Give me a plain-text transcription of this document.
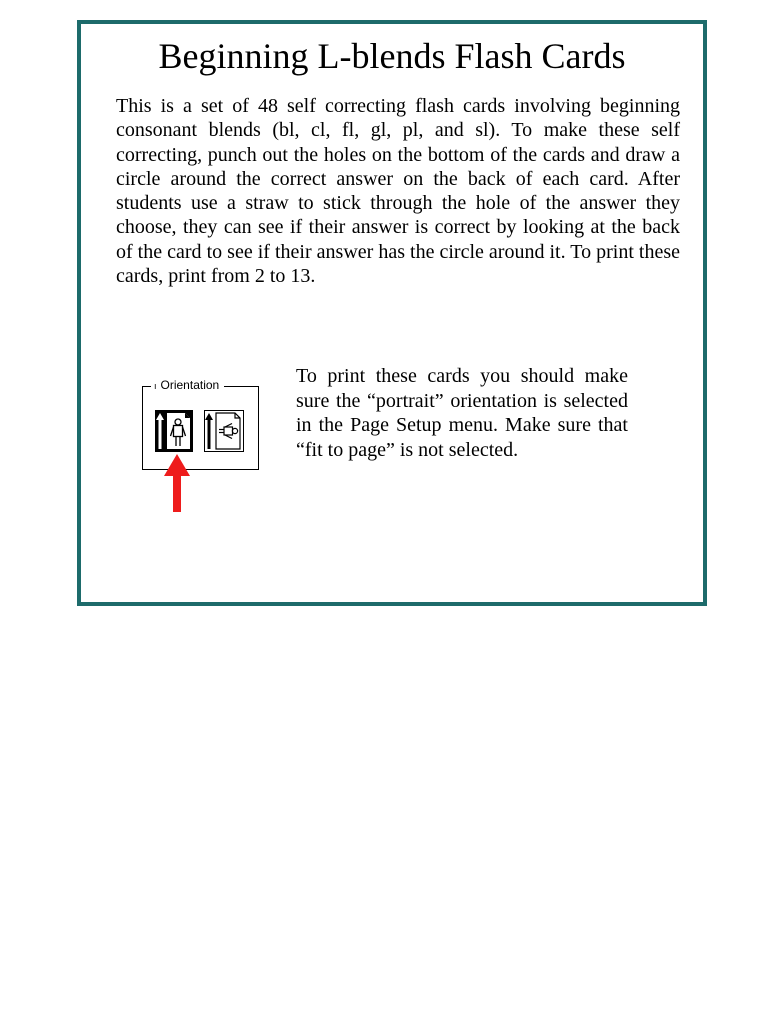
Beginning L-blends Flash Cards

This is a set of 48 self correcting flash cards involving beginning consonant blends (bl, cl, fl, gl, pl, and sl). To make these self correcting, punch out the holes on the bottom of the cards and draw a circle around the correct answer on the back of each card. After students use a straw to stick through the hole of the answer they choose, they can see if their answer is correct by looking at the back of the card to see if their answer has the circle around it. To print these cards, print from 2 to 13.

ı Orientation	To print these cards you should make sure the “portrait” orientation is selected in the Page Setup menu. Make sure that “fit to page” is not selected.
